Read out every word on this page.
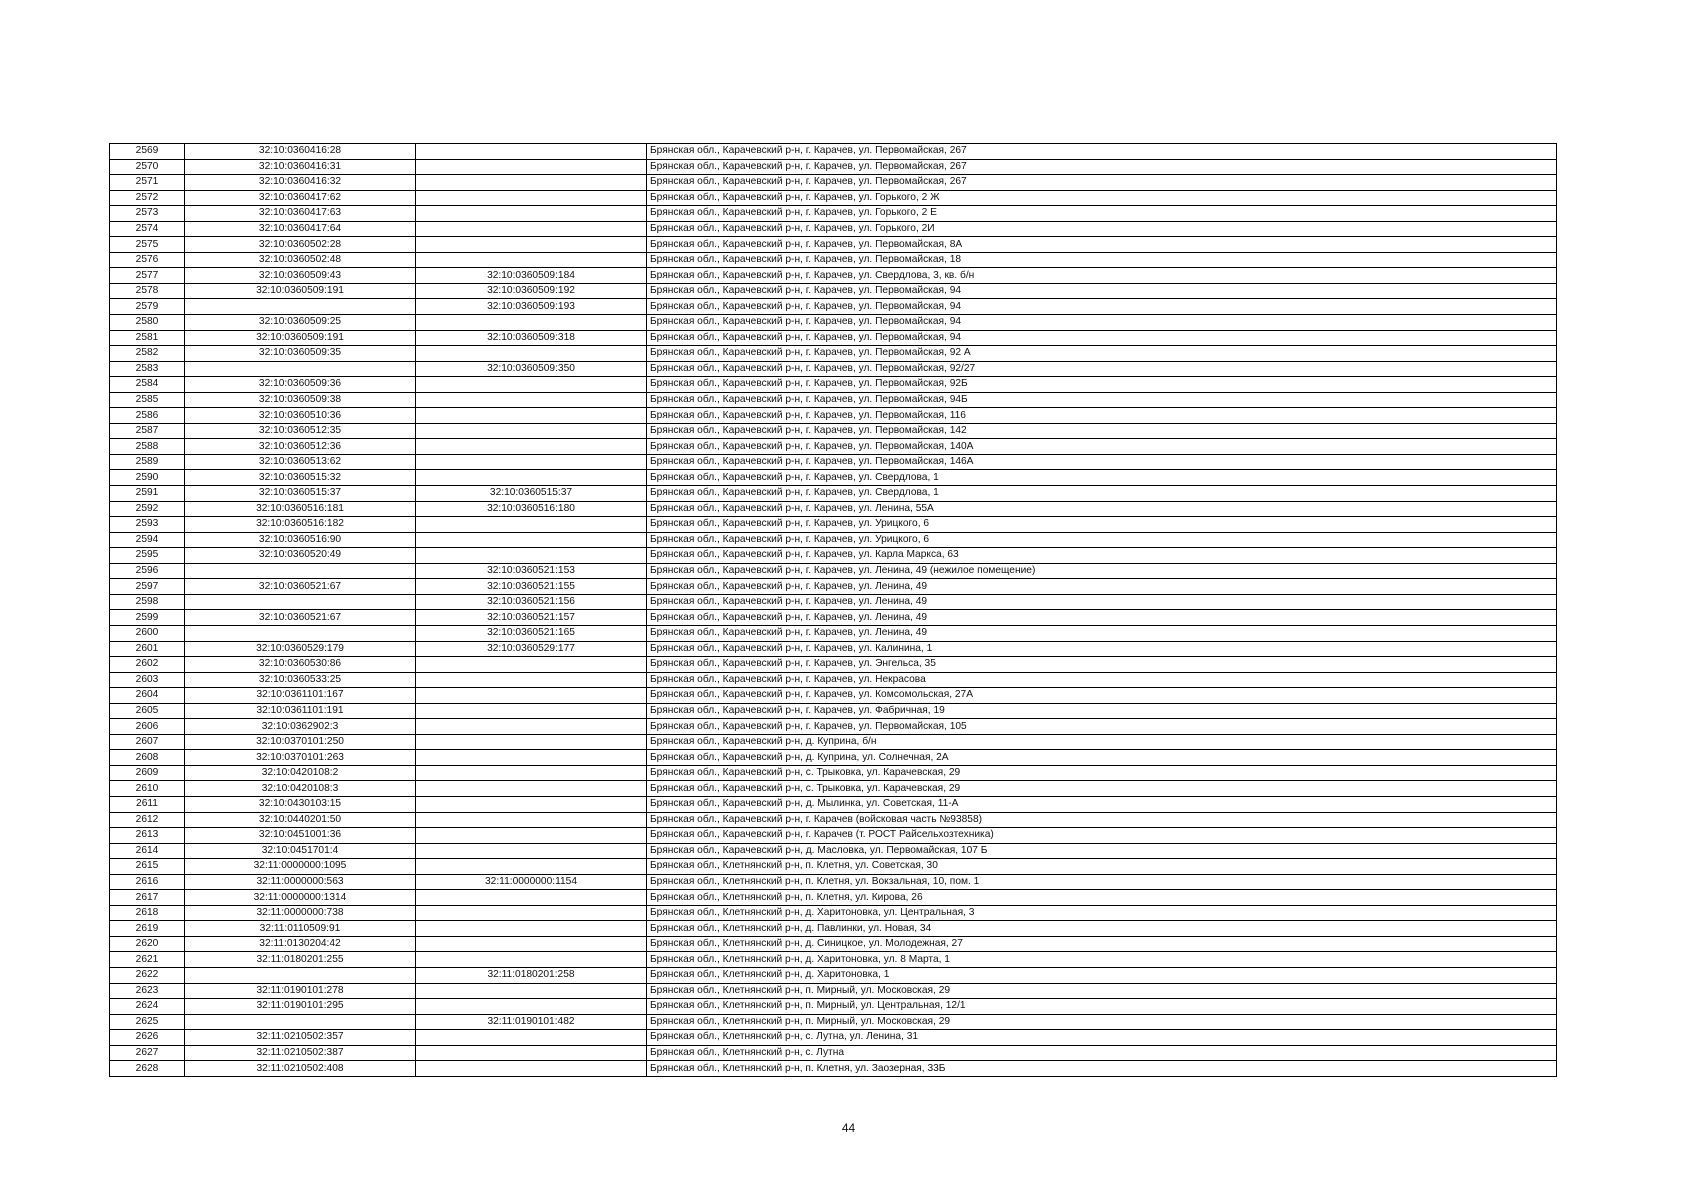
2569	32:10:0360416:28		Брянская обл., Карачевский р-н, г. Карачев, ул. Первомайская, 267
2570	32:10:0360416:31		Брянская обл., Карачевский р-н, г. Карачев, ул. Первомайская, 267
2571	32:10:0360416:32		Брянская обл., Карачевский р-н, г. Карачев, ул. Первомайская, 267
2572	32:10:0360417:62		Брянская обл., Карачевский р-н, г. Карачев, ул. Горького, 2 Ж
2573	32:10:0360417:63		Брянская обл., Карачевский р-н, г. Карачев, ул. Горького, 2 Е
2574	32:10:0360417:64		Брянская обл., Карачевский р-н, г. Карачев, ул. Горького, 2И
2575	32:10:0360502:28		Брянская обл., Карачевский р-н, г. Карачев, ул. Первомайская, 8А
2576	32:10:0360502:48		Брянская обл., Карачевский р-н, г. Карачев, ул. Первомайская, 18
2577	32:10:0360509:43	32:10:0360509:184	Брянская обл., Карачевский р-н, г. Карачев, ул. Свердлова, 3, кв. б/н
2578	32:10:0360509:191	32:10:0360509:192	Брянская обл., Карачевский р-н, г. Карачев, ул. Первомайская, 94
2579		32:10:0360509:193	Брянская обл., Карачевский р-н, г. Карачев, ул. Первомайская, 94
2580	32:10:0360509:25		Брянская обл., Карачевский р-н, г. Карачев, ул. Первомайская, 94
2581	32:10:0360509:191	32:10:0360509:318	Брянская обл., Карачевский р-н, г. Карачев, ул. Первомайская, 94
2582	32:10:0360509:35		Брянская обл., Карачевский р-н, г. Карачев, ул. Первомайская, 92 А
2583		32:10:0360509:350	Брянская обл., Карачевский р-н, г. Карачев, ул. Первомайская, 92/27
2584	32:10:0360509:36		Брянская обл., Карачевский р-н, г. Карачев, ул. Первомайская, 92Б
2585	32:10:0360509:38		Брянская обл., Карачевский р-н, г. Карачев, ул. Первомайская, 94Б
2586	32:10:0360510:36		Брянская обл., Карачевский р-н, г. Карачев, ул. Первомайская, 116
2587	32:10:0360512:35		Брянская обл., Карачевский р-н, г. Карачев, ул. Первомайская, 142
2588	32:10:0360512:36		Брянская обл., Карачевский р-н, г. Карачев, ул. Первомайская, 140А
2589	32:10:0360513:62		Брянская обл., Карачевский р-н, г. Карачев, ул. Первомайская, 146А
2590	32:10:0360515:32		Брянская обл., Карачевский р-н, г. Карачев, ул. Свердлова, 1
2591	32:10:0360515:37	32:10:0360515:37	Брянская обл., Карачевский р-н, г. Карачев, ул. Свердлова, 1
2592	32:10:0360516:181	32:10:0360516:180	Брянская обл., Карачевский р-н, г. Карачев, ул. Ленина, 55А
2593	32:10:0360516:182		Брянская обл., Карачевский р-н, г. Карачев, ул. Урицкого, 6
2594	32:10:0360516:90		Брянская обл., Карачевский р-н, г. Карачев, ул. Урицкого, 6
2595	32:10:0360520:49		Брянская обл., Карачевский р-н, г. Карачев, ул. Карла Маркса, 63
2596		32:10:0360521:153	Брянская обл., Карачевский р-н, г. Карачев, ул. Ленина, 49 (нежилое помещение)
2597	32:10:0360521:67	32:10:0360521:155	Брянская обл., Карачевский р-н, г. Карачев, ул. Ленина, 49
2598		32:10:0360521:156	Брянская обл., Карачевский р-н, г. Карачев, ул. Ленина, 49
2599	32:10:0360521:67	32:10:0360521:157	Брянская обл., Карачевский р-н, г. Карачев, ул. Ленина, 49
2600		32:10:0360521:165	Брянская обл., Карачевский р-н, г. Карачев, ул. Ленина, 49
2601	32:10:0360529:179	32:10:0360529:177	Брянская обл., Карачевский р-н, г. Карачев, ул. Калинина, 1
2602	32:10:0360530:86		Брянская обл., Карачевский р-н, г. Карачев, ул. Энгельса, 35
2603	32:10:0360533:25		Брянская обл., Карачевский р-н, г. Карачев, ул. Некрасова
2604	32:10:0361101:167		Брянская обл., Карачевский р-н, г. Карачев, ул. Комсомольская, 27А
2605	32:10:0361101:191		Брянская обл., Карачевский р-н, г. Карачев, ул. Фабричная, 19
2606	32:10:0362902:3		Брянская обл., Карачевский р-н, г. Карачев, ул. Первомайская, 105
2607	32:10:0370101:250		Брянская обл., Карачевский р-н, д. Куприна, б/н
2608	32:10:0370101:263		Брянская обл., Карачевский р-н, д. Куприна, ул. Солнечная, 2А
2609	32:10:0420108:2		Брянская обл., Карачевский р-н, с. Трыковка, ул. Карачевская, 29
2610	32:10:0420108:3		Брянская обл., Карачевский р-н, с. Трыковка, ул. Карачевская, 29
2611	32:10:0430103:15		Брянская обл., Карачевский р-н, д. Мылинка, ул. Советская, 11-А
2612	32:10:0440201:50		Брянская обл., Карачевский р-н, г. Карачев (войсковая часть №93858)
2613	32:10:0451001:36		Брянская обл., Карачевский р-н, г. Карачев (т. РОСТ Райсельхозтехника)
2614	32:10:0451701:4		Брянская обл., Карачевский р-н, д. Масловка, ул. Первомайская, 107 Б
2615	32:11:0000000:1095		Брянская обл., Клетнянский р-н, п. Клетня, ул. Советская, 30
2616	32:11:0000000:563	32:11:0000000:1154	Брянская обл., Клетнянский р-н, п. Клетня, ул. Вокзальная, 10, пом. 1
2617	32:11:0000000:1314		Брянская обл., Клетнянский р-н, п. Клетня, ул. Кирова, 26
2618	32:11:0000000:738		Брянская обл., Клетнянский р-н, д. Харитоновка, ул. Центральная, 3
2619	32:11:0110509:91		Брянская обл., Клетнянский р-н, д. Павлинки, ул. Новая, 34
2620	32:11:0130204:42		Брянская обл., Клетнянский р-н, д. Синицкое, ул. Молодежная, 27
2621	32:11:0180201:255		Брянская обл., Клетнянский р-н, д. Харитоновка, ул. 8 Марта, 1
2622		32:11:0180201:258	Брянская обл., Клетнянский р-н, д. Харитоновка, 1
2623	32:11:0190101:278		Брянская обл., Клетнянский р-н, п. Мирный, ул. Московская, 29
2624	32:11:0190101:295		Брянская обл., Клетнянский р-н, п. Мирный, ул. Центральная, 12/1
2625		32:11:0190101:482	Брянская обл., Клетнянский р-н, п. Мирный, ул. Московская, 29
2626	32:11:0210502:357		Брянская обл., Клетнянский р-н, с. Лутна, ул. Ленина, 31
2627	32:11:0210502:387		Брянская обл., Клетнянский р-н, с. Лутна
2628	32:11:0210502:408		Брянская обл., Клетнянский р-н, п. Клетня, ул. Заозерная, 33Б
44
